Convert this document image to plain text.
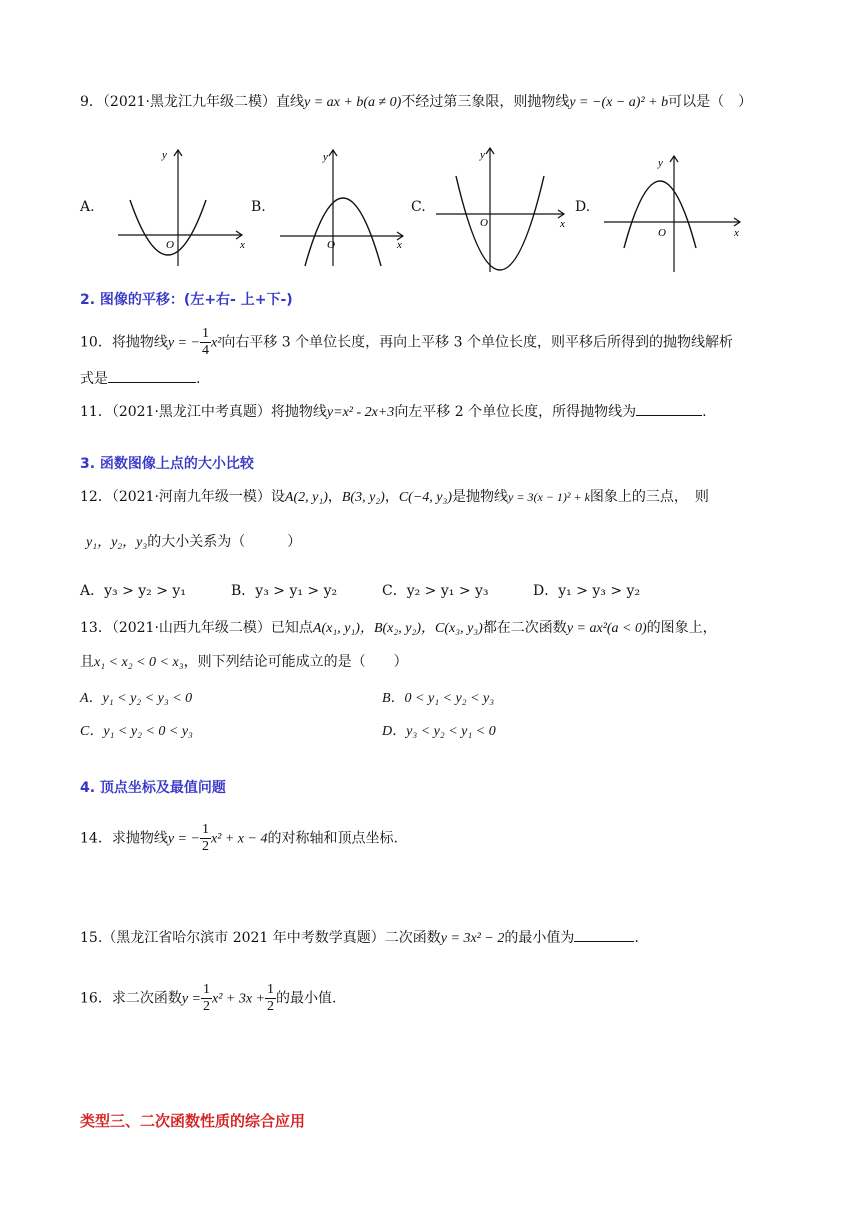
9．（2021·黑龙江九年级二模）直线y = ax + b(a ≠ 0)不经过第三象限，则抛物线y = −(x − a)² + b可以是（　）
A.
x
y
O
B.
x
y
O
C.
x
y
O
D.
x
y
O
2. 图像的平移：(左+右- 上+下-)
10．将抛物线y = − $\frac{1}{4} x^2$向右平移 3 个单位长度，再向上平移 3 个单位长度，则平移后所得到的抛物线解析
式是	.
11．（2021·黑龙江中考真题）将抛物线y=x² - 2x+3向左平移 2 个单位长度，所得抛物线为	.
3. 函数图像上点的大小比较
12．（2021·河南九年级一模）设A(2, y₁)，B(3, y₂)，C(−4, y₃)是抛物线y = 3(x − 1)² + k图象上的三点，　则
y₁，y₂，y₃的大小关系为（　　　）
A．y₃ > y₂ > y₁	B．y₃ > y₁ > y₂	C．y₂ > y₁ > y₃	D．y₁ > y₃ > y₂
13．（2021·山西九年级二模）已知点A(x₁, y₁)，B(x₂, y₂)，C(x₃, y₃)都在二次函数y = ax²(a < 0)的图象上，
且x₁ < x₂ < 0 < x₃，则下列结论可能成立的是（　　）
A．y₁ < y₂ < y₃ < 0	B．0 < y₁ < y₂ < y₃
C．y₁ < y₂ < 0 < y₃	D．y₃ < y₂ < y₁ < 0
4. 顶点坐标及最值问题
14．求抛物线y = − $\frac{1}{2} x^2 + x - 4$的对称轴和顶点坐标.
15.（黑龙江省哈尔滨市 2021 年中考数学真题）二次函数y = 3x² − 2的最小值为	.
16．求二次函数$y = \frac{1}{2} x^2 + 3x + \frac{1}{2}$ 的最小值.
类型三、二次函数性质的综合应用
